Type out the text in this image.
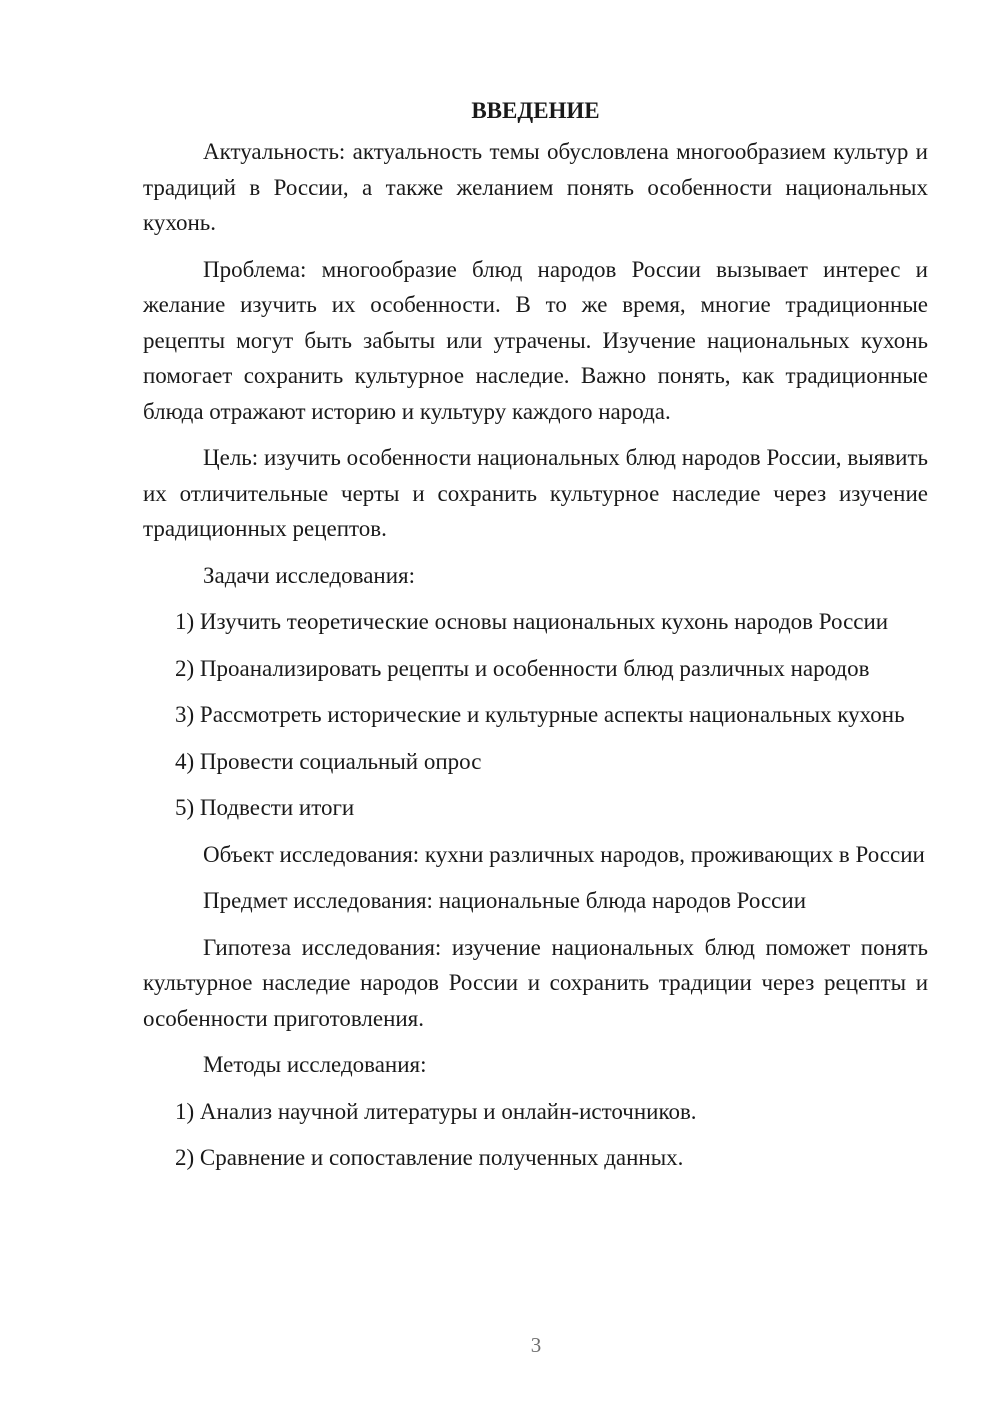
ВВЕДЕНИЕ

Актуальность: актуальность темы обусловлена многообразием культур и традиций в России, а также желанием понять особенности национальных кухонь.

Проблема: многообразие блюд народов России вызывает интерес и желание изучить их особенности. В то же время, многие традиционные рецепты могут быть забыты или утрачены. Изучение национальных кухонь помогает сохранить культурное наследие. Важно понять, как традиционные блюда отражают историю и культуру каждого народа.

Цель: изучить особенности национальных блюд народов России, выявить их отличительные черты и сохранить культурное наследие через изучение традиционных рецептов.

Задачи исследования:

1) Изучить теоретические основы национальных кухонь народов России

2) Проанализировать рецепты и особенности блюд различных народов

3) Рассмотреть исторические и культурные аспекты национальных кухонь

4) Провести социальный опрос

5) Подвести итоги

Объект исследования: кухни различных народов, проживающих в России

Предмет исследования: национальные блюда народов России

Гипотеза исследования: изучение национальных блюд поможет понять культурное наследие народов России и сохранить традиции через рецепты и особенности приготовления.

Методы исследования:

1) Анализ научной литературы и онлайн-источников.

2) Сравнение и сопоставление полученных данных.

3
